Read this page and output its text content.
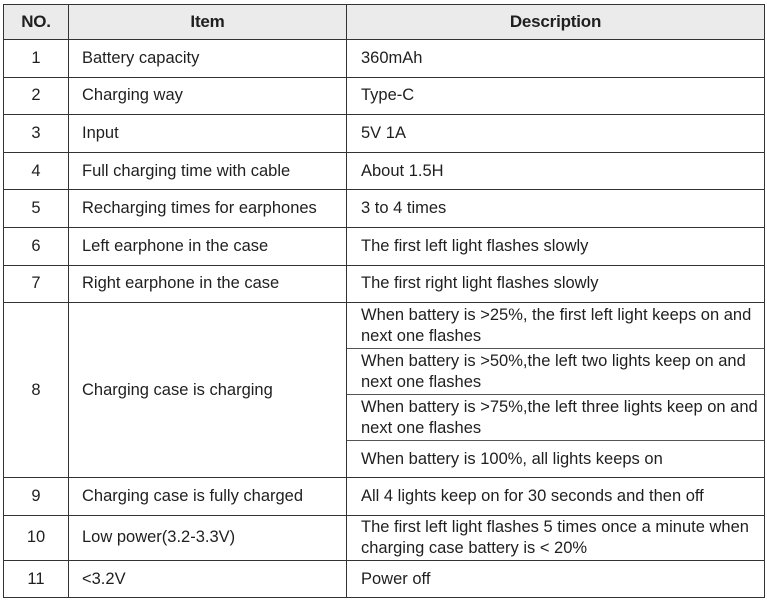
NO.	Item	Description
1	Battery capacity	360mAh
2	Charging way	Type-C
3	Input	5V 1A
4	Full charging time with cable	About 1.5H
5	Recharging times for earphones	3 to 4 times
6	Left earphone in the case	The first left light flashes slowly
7	Right earphone in the case	The first right light flashes slowly
8	Charging case is charging	When battery is >25%, the first left light keeps on and next one flashes
When battery is >50%,the left two lights keep on and next one flashes
When battery is >75%,the left three lights keep on and next one flashes
When battery is 100%, all lights keeps on

9	Charging case is fully charged	All 4 lights keep on for 30 seconds and then off
10	Low power(3.2-3.3V)	The first left light flashes 5 times once a minute when charging case battery is < 20%
11	<3.2V	Power off
